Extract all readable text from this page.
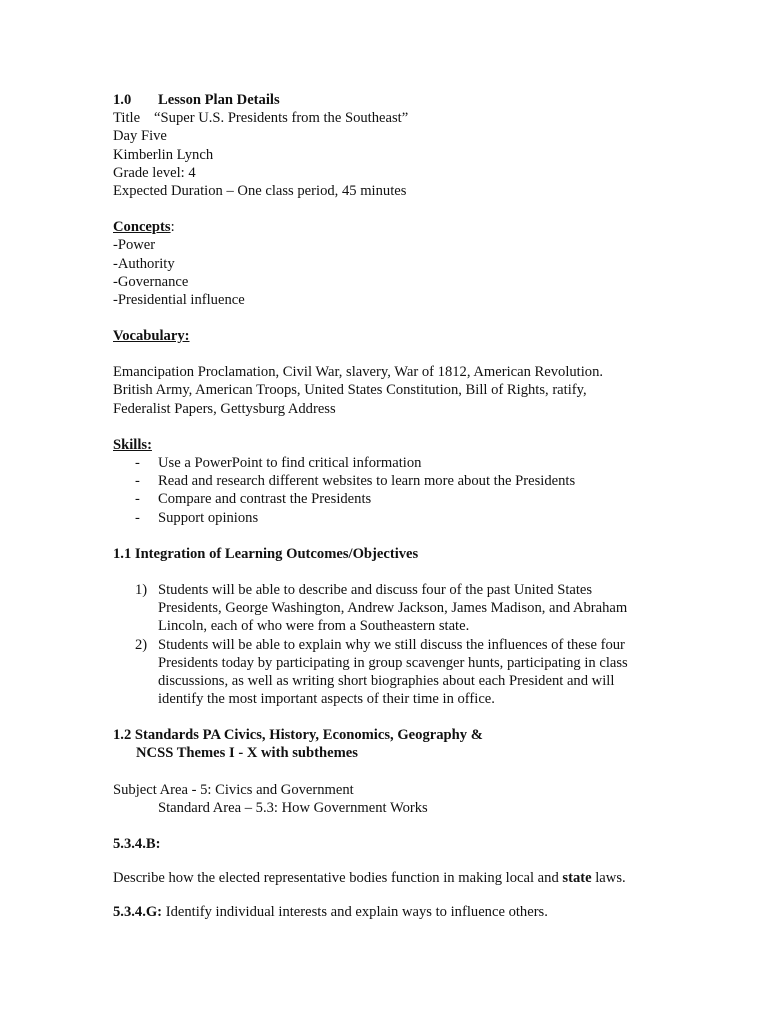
1.0 Lesson Plan Details
Title “Super U.S. Presidents from the Southeast”
Day Five
Kimberlin Lynch
Grade level: 4
Expected Duration – One class period, 45 minutes
Concepts:
-Power
-Authority
-Governance
-Presidential influence
Vocabulary:
Emancipation Proclamation, Civil War, slavery, War of 1812, American Revolution.
British Army, American Troops, United States Constitution, Bill of Rights, ratify,
Federalist Papers, Gettysburg Address
Skills:
- Use a PowerPoint to find critical information
- Read and research different websites to learn more about the Presidents
- Compare and contrast the Presidents
- Support opinions
1.1 Integration of Learning Outcomes/Objectives
1) Students will be able to describe and discuss four of the past United States
Presidents, George Washington, Andrew Jackson, James Madison, and Abraham
Lincoln, each of who were from a Southeastern state.
2) Students will be able to explain why we still discuss the influences of these four
Presidents today by participating in group scavenger hunts, participating in class
discussions, as well as writing short biographies about each President and will
identify the most important aspects of their time in office.
1.2 Standards PA Civics, History, Economics, Geography &
NCSS Themes I - X with subthemes
Subject Area - 5: Civics and Government
Standard Area – 5.3: How Government Works
5.3.4.B:
Describe how the elected representative bodies function in making local and state laws.
5.3.4.G: Identify individual interests and explain ways to influence others.
